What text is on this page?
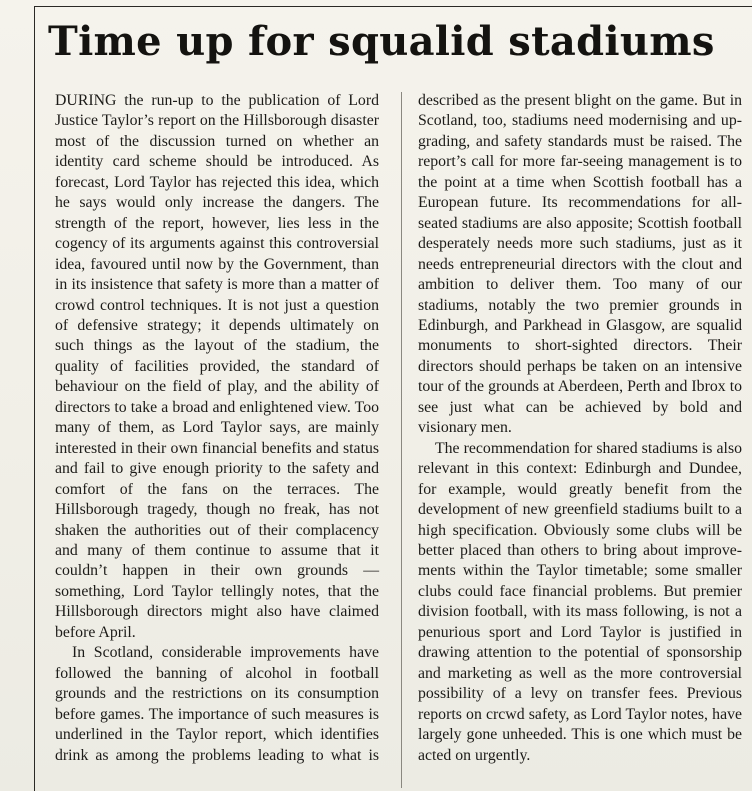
Time up for squalid stadiums

DURING the run-up to the publication of Lord Justice Taylor’s report on the Hillsborough disaster most of the discussion turned on whether an identity card scheme should be introduced. As forecast, Lord Taylor has rejected this idea, which he says would only increase the dangers. The strength of the report, however, lies less in the cogency of its arguments against this controversial idea, favoured until now by the Government, than in its insistence that safety is more than a matter of crowd control techniques. It is not just a question of defensive strategy; it depends ultimately on such things as the layout of the stadium, the quality of facilities provided, the standard of behaviour on the field of play, and the ability of directors to take a broad and enlightened view. Too many of them, as Lord Taylor says, are mainly interested in their own financial benefits and status and fail to give enough priority to the safety and comfort of the fans on the terraces. The Hillsborough tragedy, though no freak, has not shaken the authorities out of their complacency and many of them continue to assume that it couldn’t happen in their own grounds — something, Lord Taylor tellingly notes, that the Hillsborough directors might also have claimed before April.

In Scotland, considerable improvements have followed the banning of alcohol in football grounds and the restrictions on its consumption before games. The importance of such measures is underlined in the Taylor report, which identifies drink as among the problems leading to what is

described as the present blight on the game. But in Scotland, too, stadiums need modernising and upgrading, and safety standards must be raised. The report’s call for more far-seeing management is to the point at a time when Scottish football has a European future. Its recommendations for all-seated stadiums are also apposite; Scottish football desperately needs more such stadiums, just as it needs entrepreneurial directors with the clout and ambition to deliver them. Too many of our stadiums, notably the two premier grounds in Edinburgh, and Parkhead in Glasgow, are squalid monuments to short-sighted directors. Their directors should perhaps be taken on an intensive tour of the grounds at Aberdeen, Perth and Ibrox to see just what can be achieved by bold and visionary men.

The recommendation for shared stadiums is also relevant in this context: Edinburgh and Dundee, for example, would greatly benefit from the development of new greenfield stadiums built to a high specification. Obviously some clubs will be better placed than others to bring about improvements within the Taylor timetable; some smaller clubs could face financial problems. But premier division football, with its mass following, is not a penurious sport and Lord Taylor is justified in drawing attention to the potential of sponsorship and marketing as well as the more controversial possibility of a levy on transfer fees. Previous reports on crcwd safety, as Lord Taylor notes, have largely gone unheeded. This is one which must be acted on urgently.
